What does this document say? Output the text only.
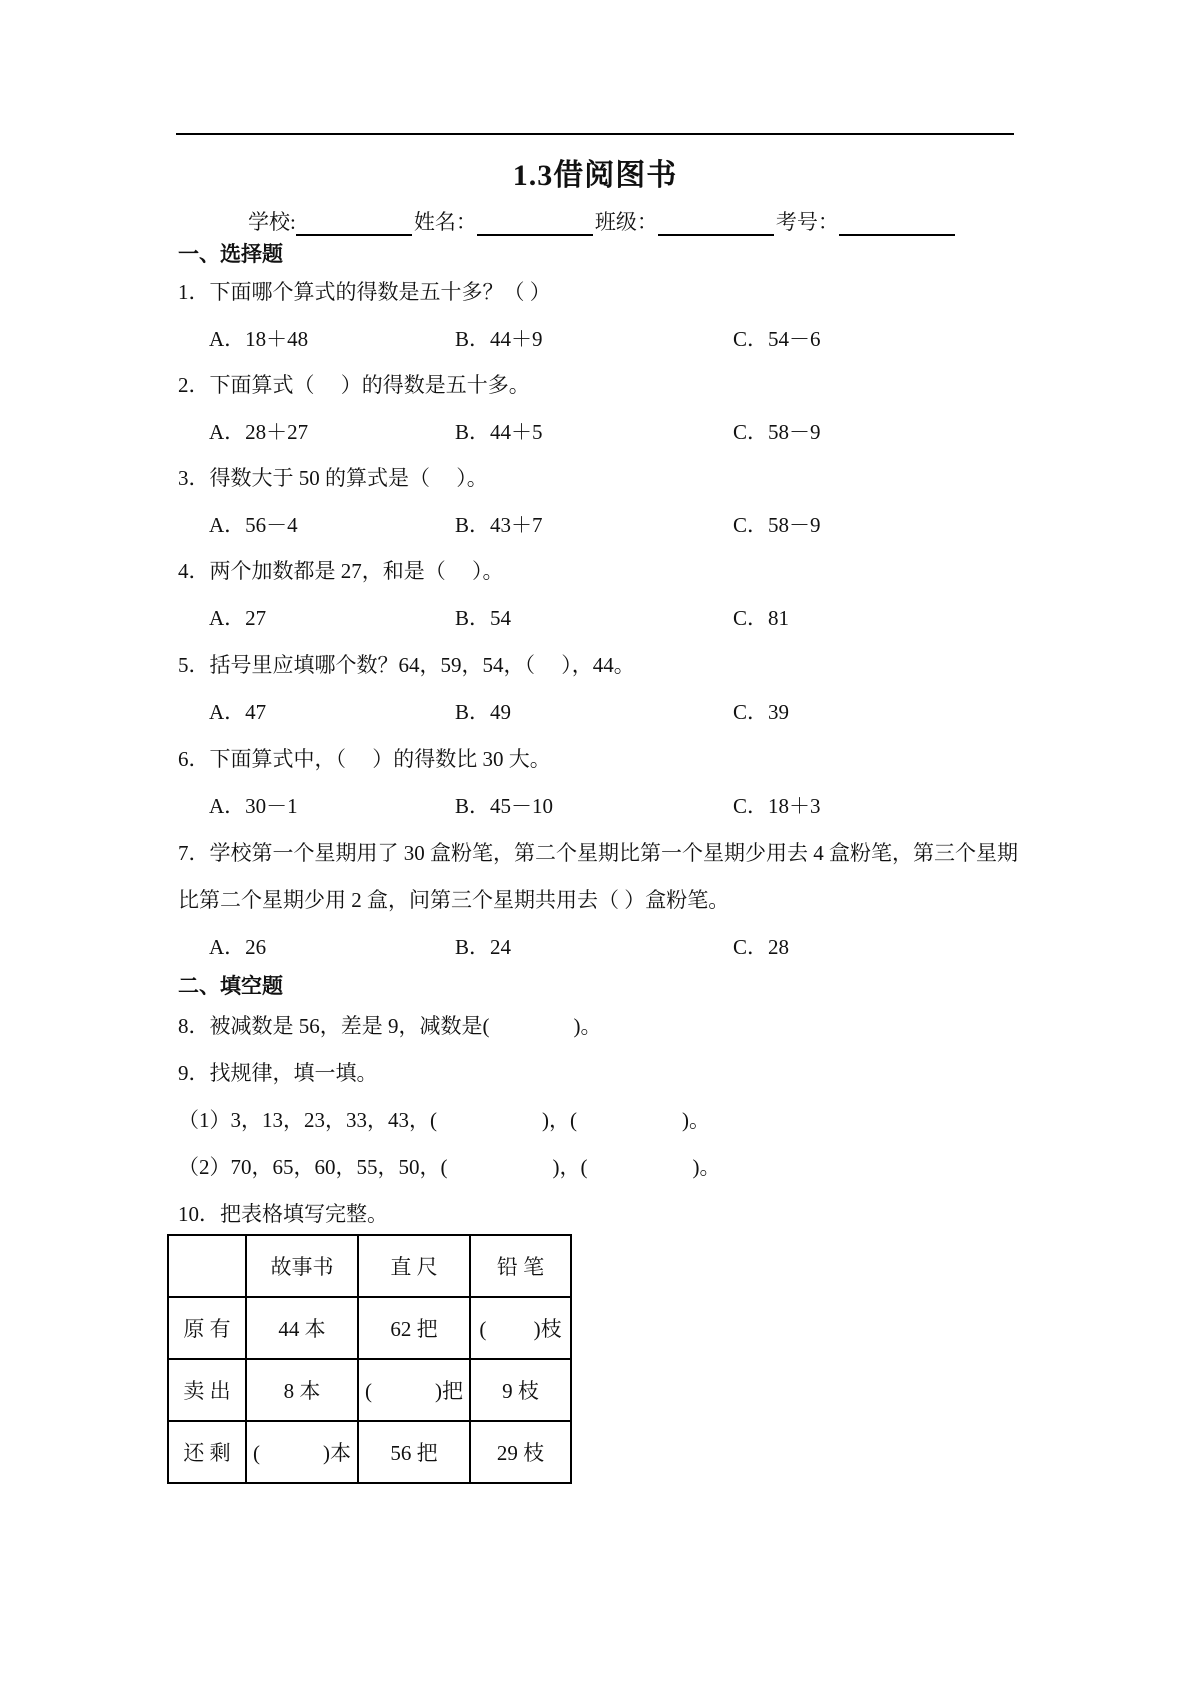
1.3借阅图书
学校:	姓名：	班级：	考号：
一、选择题
1．下面哪个算式的得数是五十多？（ ）
A．18＋48	B．44＋9	C．54－6
2．下面算式（　 ）的得数是五十多。
A．28＋27	B．44＋5	C．58－9
3．得数大于 50 的算式是（　 ）。
A．56－4	B．43＋7	C．58－9
4．两个加数都是 27，和是（　 ）。
A．27	B．54	C．81
5．括号里应填哪个数？64，59，54，（　 ），44。
A．47	B．49	C．39
6．下面算式中，（　 ）的得数比 30 大。
A．30－1	B．45－10	C．18＋3
7．学校第一个星期用了 30 盒粉笔，第二个星期比第一个星期少用去 4 盒粉笔，第三个星期
比第二个星期少用 2 盒，问第三个星期共用去（ ）盒粉笔。
A．26	B．24	C．28
二、填空题
8．被减数是 56，差是 9，减数是(　　　　)。
9．找规律，填一填。
（1）3，13，23，33，43，(　　　　　)，(　　　　　)。
（2）70，65，60，55，50，(　　　　　)，(　　　　　)。
10．把表格填写完整。
	故事书	直 尺	铅 笔
原 有	44 本	62 把	(　　 )枝
卖 出	8 本	(　　　)把	9 枝
还 剩	(　　　)本	56 把	29 枝
